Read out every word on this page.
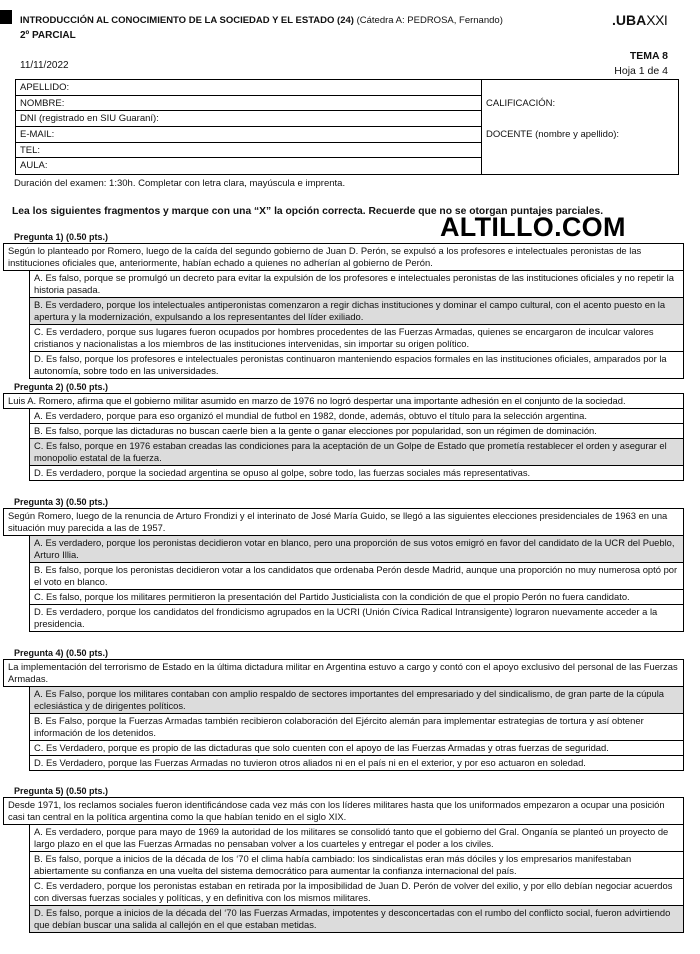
INTRODUCCIÓN AL CONOCIMIENTO DE LA SOCIEDAD Y EL ESTADO (24) (Cátedra A: PEDROSA, Fernando)
2º PARCIAL
.UBAXXI
TEMA 8
Hoja 1 de 4
11/11/2022
APELLIDO:
NOMBRE:
DNI (registrado en SIU Guaraní):
E-MAIL:
TEL:
AULA:
CALIFICACIÓN:
DOCENTE (nombre y apellido):
Duración del examen: 1:30h. Completar con letra clara, mayúscula e imprenta.
Lea los siguientes fragmentos y marque con una “X” la opción correcta. Recuerde que no se otorgan puntajes parciales.
ALTILLO.COM
Pregunta 1) (0.50 pts.)
Según lo planteado por Romero, luego de la caída del segundo gobierno de Juan D. Perón, se expulsó a los profesores e intelectuales peronistas de las instituciones oficiales que, anteriormente, habían echado a quienes no adherían al gobierno de Perón.
A. Es falso, porque se promulgó un decreto para evitar la expulsión de los profesores e intelectuales peronistas de las instituciones oficiales y no repetir la historia pasada.
B. Es verdadero, porque los intelectuales antiperonistas comenzaron a regir dichas instituciones y dominar el campo cultural, con el acento puesto en la apertura y la modernización, expulsando a los representantes del líder exiliado.
C. Es verdadero, porque sus lugares fueron ocupados por hombres procedentes de las Fuerzas Armadas, quienes se encargaron de inculcar valores cristianos y nacionalistas a los miembros de las instituciones intervenidas, sin importar su origen político.
D. Es falso, porque los profesores e intelectuales peronistas continuaron manteniendo espacios formales en las instituciones oficiales, amparados por la autonomía, sobre todo en las universidades.
Pregunta 2) (0.50 pts.)
Luis A. Romero, afirma que el gobierno militar asumido en marzo de 1976 no logró despertar una importante adhesión en el conjunto de la sociedad.
A. Es verdadero, porque para eso organizó el mundial de futbol en 1982, donde, además, obtuvo el título para la selección argentina.
B. Es falso, porque las dictaduras no buscan caerle bien a la gente o ganar elecciones por popularidad, son un régimen de dominación.
C. Es falso, porque en 1976 estaban creadas las condiciones para la aceptación de un Golpe de Estado que prometía restablecer el orden y asegurar el monopolio estatal de la fuerza.
D. Es verdadero, porque la sociedad argentina se opuso al golpe, sobre todo, las fuerzas sociales más representativas.
Pregunta 3) (0.50 pts.)
Según Romero, luego de la renuncia de Arturo Frondizi y el interinato de José María Guido, se llegó a las siguientes elecciones presidenciales de 1963 en una situación muy parecida a las de 1957.
A. Es verdadero, porque los peronistas decidieron votar en blanco, pero una proporción de sus votos emigró en favor del candidato de la UCR del Pueblo, Arturo Illia.
B. Es falso, porque los peronistas decidieron votar a los candidatos que ordenaba Perón desde Madrid, aunque una proporción no muy numerosa optó por el voto en blanco.
C. Es falso, porque los militares permitieron la presentación del Partido Justicialista con la condición de que el propio Perón no fuera candidato.
D. Es verdadero, porque los candidatos del frondicismo agrupados en la UCRI (Unión Cívica Radical Intransigente) lograron nuevamente acceder a la presidencia.
Pregunta 4) (0.50 pts.)
La implementación del terrorismo de Estado en la última dictadura militar en Argentina estuvo a cargo y contó con el apoyo exclusivo del personal de las Fuerzas Armadas.
A. Es Falso, porque los militares contaban con amplio respaldo de sectores importantes del empresariado y del sindicalismo, de gran parte de la cúpula eclesiástica y de dirigentes políticos.
B. Es Falso, porque la Fuerzas Armadas también recibieron colaboración del Ejército alemán para implementar estrategias de tortura y así obtener información de los detenidos.
C. Es Verdadero, porque es propio de las dictaduras que solo cuenten con el apoyo de las Fuerzas Armadas y otras fuerzas de seguridad.
D. Es Verdadero, porque las Fuerzas Armadas no tuvieron otros aliados ni en el país ni en el exterior, y por eso actuaron en soledad.
Pregunta 5) (0.50 pts.)
Desde 1971, los reclamos sociales fueron identificándose cada vez más con los líderes militares hasta que los uniformados empezaron a ocupar una posición casi tan central en la política argentina como la que habían tenido en el siglo XIX.
A. Es verdadero, porque para mayo de 1969 la autoridad de los militares se consolidó tanto que el gobierno del Gral. Onganía se planteó un proyecto de largo plazo en el que las Fuerzas Armadas no pensaban volver a los cuarteles y entregar el poder a los civiles.
B. Es falso, porque a inicios de la década de los ‘70 el clima había cambiado: los sindicalistas eran más dóciles y los empresarios manifestaban abiertamente su confianza en una vuelta del sistema democrático para aumentar la confianza internacional del país.
C. Es verdadero, porque los peronistas estaban en retirada por la imposibilidad de Juan D. Perón de volver del exilio, y por ello debían negociar acuerdos con diversas fuerzas sociales y políticas, y en definitiva con los mismos militares.
D. Es falso, porque a inicios de la década del ‘70 las Fuerzas Armadas, impotentes y desconcertadas con el rumbo del conflicto social, fueron advirtiendo que debían buscar una salida al callejón en el que estaban metidas.
